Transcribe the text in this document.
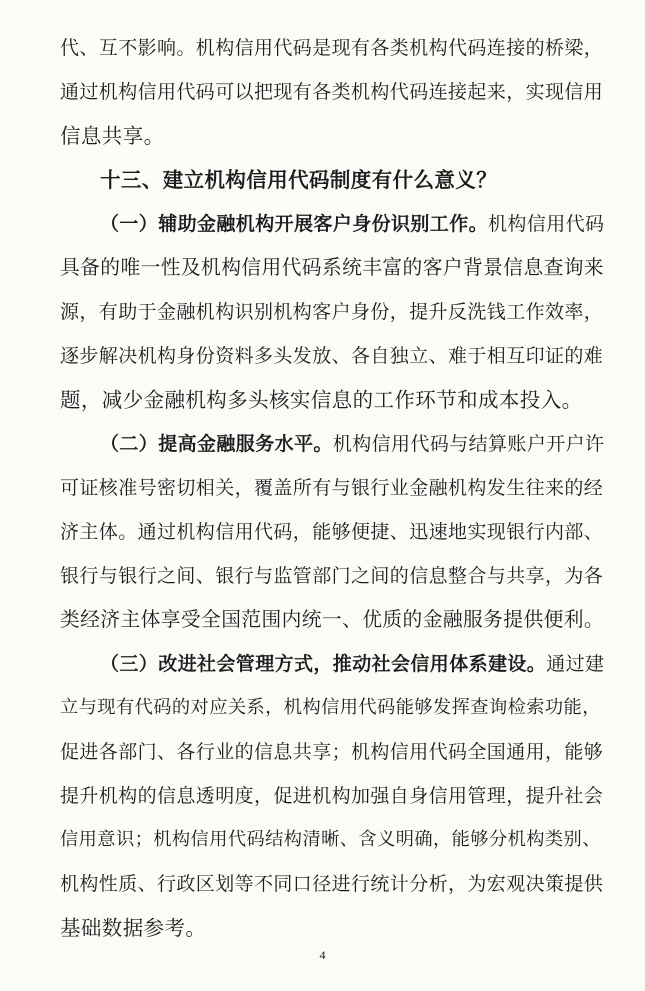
代、互不影响。机构信用代码是现有各类机构代码连接的桥梁，
通过机构信用代码可以把现有各类机构代码连接起来，实现信用
信息共享。
十三、建立机构信用代码制度有什么意义？
（一）辅助金融机构开展客户身份识别工作。机构信用代码
具备的唯一性及机构信用代码系统丰富的客户背景信息查询来
源，有助于金融机构识别机构客户身份，提升反洗钱工作效率，
逐步解决机构身份资料多头发放、各自独立、难于相互印证的难
题，减少金融机构多头核实信息的工作环节和成本投入。
（二）提高金融服务水平。机构信用代码与结算账户开户许
可证核准号密切相关，覆盖所有与银行业金融机构发生往来的经
济主体。通过机构信用代码，能够便捷、迅速地实现银行内部、
银行与银行之间、银行与监管部门之间的信息整合与共享，为各
类经济主体享受全国范围内统一、优质的金融服务提供便利。
（三）改进社会管理方式，推动社会信用体系建设。通过建
立与现有代码的对应关系，机构信用代码能够发挥查询检索功能，
促进各部门、各行业的信息共享；机构信用代码全国通用，能够
提升机构的信息透明度，促进机构加强自身信用管理，提升社会
信用意识；机构信用代码结构清晰、含义明确，能够分机构类别、
机构性质、行政区划等不同口径进行统计分析，为宏观决策提供
基础数据参考。
4
